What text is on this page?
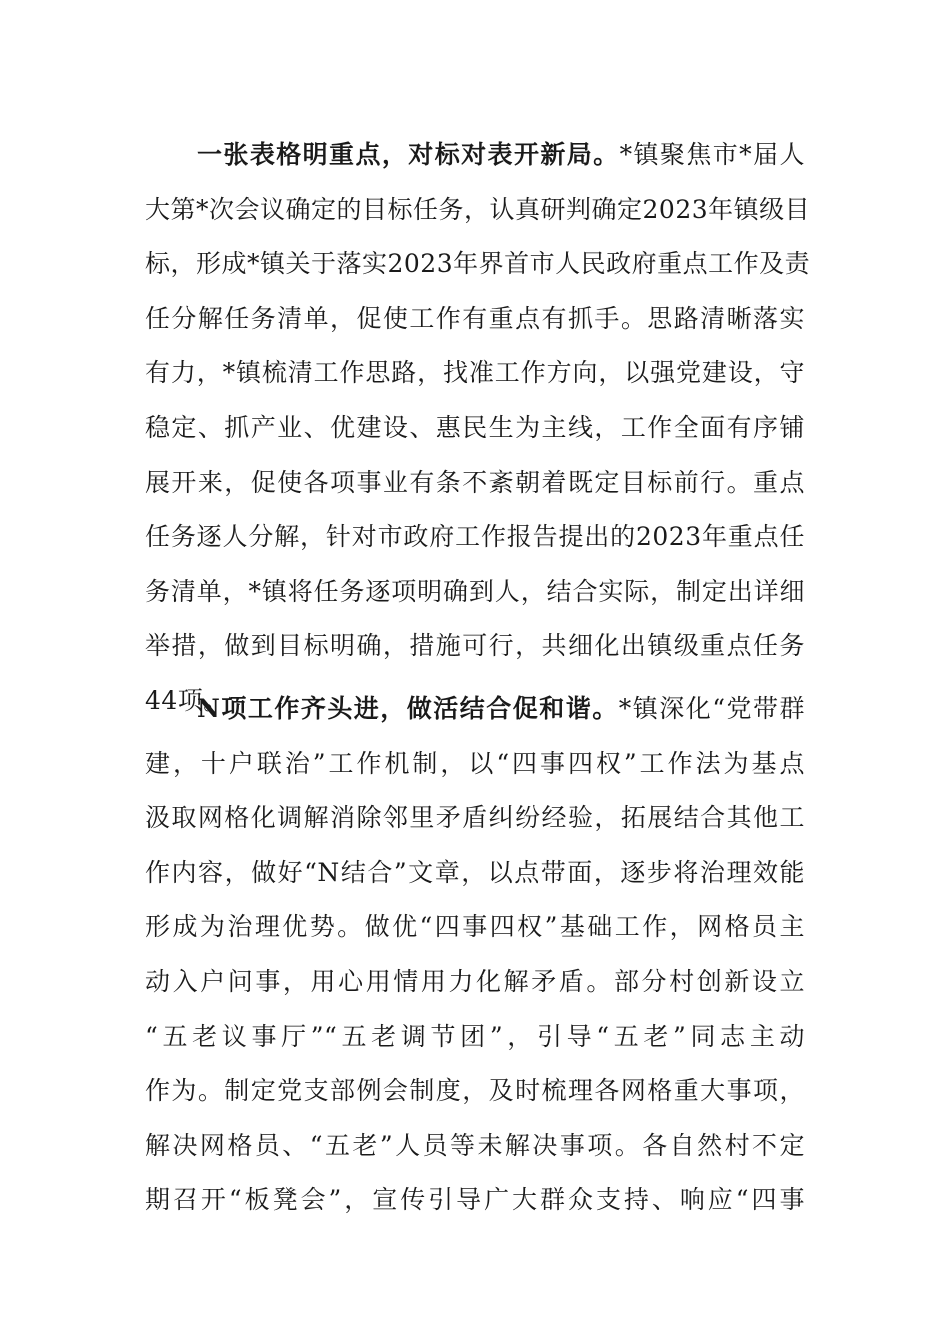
一张表格明重点，对标对表开新局。*镇聚焦市*届人
大第*次会议确定的目标任务，认真研判确定2023年镇级目
标，形成*镇关于落实2023年界首市人民政府重点工作及责
任分解任务清单，促使工作有重点有抓手。思路清晰落实
有力，*镇梳清工作思路，找准工作方向，以强党建设，守
稳定、抓产业、优建设、惠民生为主线，工作全面有序铺
展开来，促使各项事业有条不紊朝着既定目标前行。重点
任务逐人分解，针对市政府工作报告提出的2023年重点任
务清单，*镇将任务逐项明确到人，结合实际，制定出详细
举措，做到目标明确，措施可行，共细化出镇级重点任务
44项。
N项工作齐头进，做活结合促和谐。*镇深化“党带群
建，十户联治”工作机制，以“四事四权”工作法为基点
汲取网格化调解消除邻里矛盾纠纷经验，拓展结合其他工
作内容，做好“N结合”文章，以点带面，逐步将治理效能
形成为治理优势。做优“四事四权”基础工作，网格员主
动入户问事，用心用情用力化解矛盾。部分村创新设立
“五老议事厅”“五老调节团”，引导“五老”同志主动
作为。制定党支部例会制度，及时梳理各网格重大事项，
解决网格员、“五老”人员等未解决事项。各自然村不定
期召开“板凳会”，宣传引导广大群众支持、响应“四事
